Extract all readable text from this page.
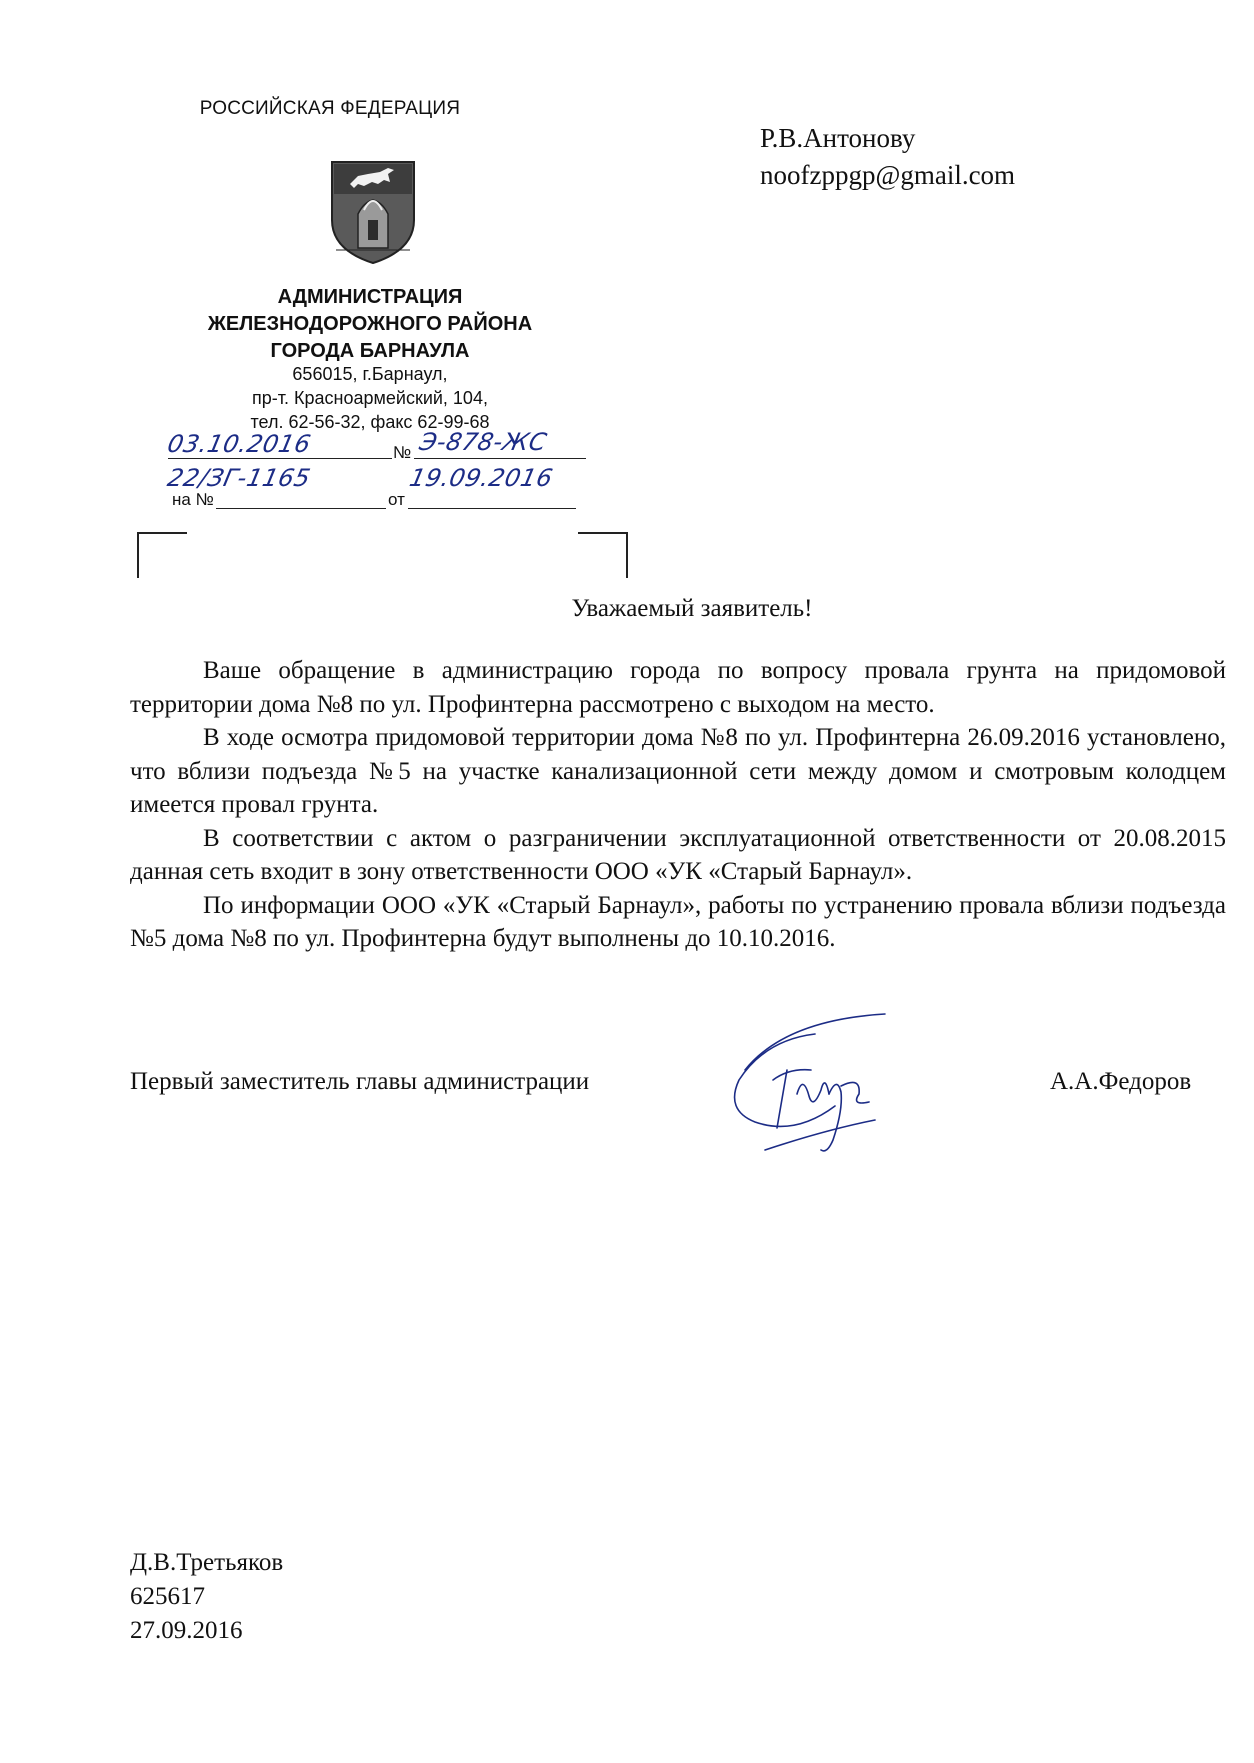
РОССИЙСКАЯ ФЕДЕРАЦИЯ
АДМИНИСТРАЦИЯ
ЖЕЛЕЗНОДОРОЖНОГО РАЙОНА
ГОРОДА БАРНАУЛА
656015, г.Барнаул,
пр-т. Красноармейский, 104,
тел. 62-56-32, факс 62-99-68
03.10.2016	№ Э-878-ЖС
22/ЗГ-1165	19.09.2016
на №	от
Р.В.Антонову
noofzppgp@gmail.com
Уважаемый заявитель!

Ваше обращение в администрацию города по вопросу провала грунта на придомовой территории дома №8 по ул. Профинтерна рассмотрено с выходом на место.

В ходе осмотра придомовой территории дома №8 по ул. Профинтерна 26.09.2016 установлено, что вблизи подъезда №5 на участке канализационной сети между домом и смотровым колодцем имеется провал грунта.

В соответствии с актом о разграничении эксплуатационной ответственности от 20.08.2015 данная сеть входит в зону ответственности ООО «УК «Старый Барнаул».

По информации ООО «УК «Старый Барнаул», работы по устранению провала вблизи подъезда №5 дома №8 по ул. Профинтерна будут выполнены до 10.10.2016.

Первый заместитель главы администрации	А.А.Федоров
Д.В.Третьяков
625617
27.09.2016
